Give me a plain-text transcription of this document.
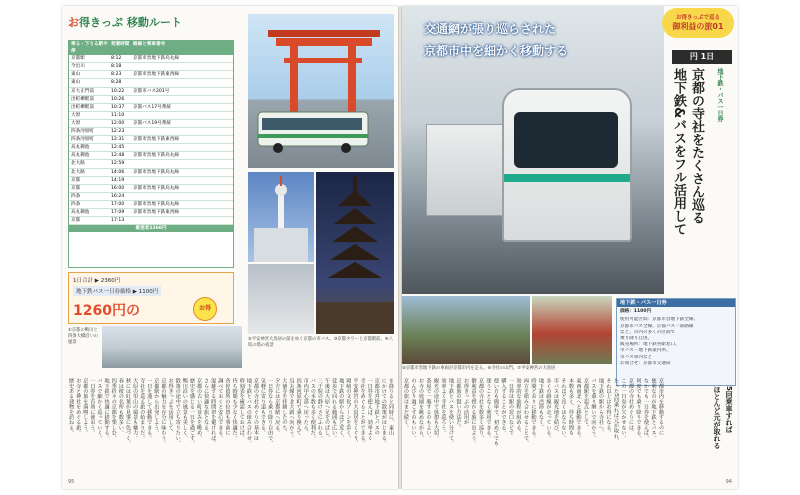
お得きっぷ 移動ルート
乗る・下りる駅や停
発着時間 路線と乗車番号
京都駅	8:12	京都市営地下鉄烏丸線
今出川	8:18
東山	8:23	京都市営地下鉄東西線
東山	8:28
京大正門前	10:22	京都市バス201号
出町柳駅前	10:26
出町柳駅前	10:37	京都バス17号系統
大原	11:10
大原	12:00	京都バス19号系統
四条河原町	12:23
四条河原町	12:31	京都市営地下鉄東西線
烏丸御池	12:45
烏丸御池	12:48	京都市営地下鉄烏丸線
北大路	12:59
北大路	14:06	京都市営地下鉄烏丸線
京都	14:19
京都	16:00	京都市営地下鉄烏丸線
四条	16:24
四条	17:00	京都市営地下鉄烏丸線
烏丸御池	17:09	京都市営地下鉄東西線
京都	17:13
最速者2360円
1日合計 ▶ 2360円
地下鉄バス一日券価格 ▶ 1100円
1260円の	お得
①京都の鴨川と四条大橋沿いの風景
②平安神宮大鳥居の前をゆく京都の市バス。③京都タワーと京都駅前。④八坂の塔の夜景
を降りると同時に、東山
にかけての散策がはじまる。
京都市営地下鉄とバスの
一日券を使えば、効率よく
寺社をめぐることができる。
平安神宮の大鳥居をくぐり、
岡崎の文化ゾーンを歩く。
地下鉄の駅からほど近く、
徒歩で回れる範囲も広い。
午後は大原へ足をのばし、
三千院の静けさにふれる。
バスの本数も多く便利だ。
市内中心部へ戻ったら、
四条河原町で乗り換えて
烏丸線で北大路へ向かう。
大徳寺を拝観したのち、
夕方には京都駅へ戻る。
一日券なら乗り降り自由で、
気軽に寄り道もできる。
京都の寺社めぐりの基本は
地下鉄とバスの組み合わせ。
時刻表を確認しておけば、
待ち時間も少なく快適だ。
各停留所の位置も事前に
調べておくと安心できる。
混雑する時間帯を避ければ、
さらに快適な旅となる。
京都の古い町並みを眺め、
歴史を感じる一日を過ごす。
鴨川沿いの風景も美しく、
散策の途中で立ち寄りたい。
お得きっぷを活用して、
京都の魅力を存分に味わう。
京都駅から出発しよう。
一日を通して移動できる。
寺社を巡る旅の始まりだ。
大原の里山の風景も魅力。
秋には紅葉が見事に色づく。
春は桜の名所も数多い。
四季折々の京都を楽しむ。
地下鉄で快適に移動する。
バスで細かく巡っていく。
一日券を有効に使おう。
京都の旅を満喫しよう。
お寺と神社をめぐる旅。
歴史ある建物を訪ねる。
95
交通網が張り巡らされた
京都市中を細かく移動する
お得きっぷで巡る
御利益の旅01
円 1日
地下鉄・バス一日券
地下鉄&バスをフル活用して 京都の寺社をたくさん巡る
⑤京都市営地下鉄の車両が京都市内を走る。⑥寺社の山門。⑦平安神宮の大鳥居
地下鉄・バス一日券
価格：1100円
使用可能区間：京都市営地下鉄全線、
京都市バス全線、京都バス一部路線
など。市内の多くの区間で
乗り降り自由。
販売場所：地下鉄各駅窓口、
市バス・地下鉄案内所、
市バス車内など
お問合せ：京都市交通局
京都市内を移動するのに
便利なのが地下鉄とバス。
なかでも一日券を使えば、
何度でも乗り降りできる。
京都の寺社めぐりには、
この一日券が欠かせない。
たった5回乗れば元が取れ、
それ以上はお得になる。
地下鉄の駅から寺社へ、
バスを乗り継いで向かう。
京都駅を起点として、
東西南北へと移動できる。
本数も多く、待ち時間も
それほど長くはならない。
市バスは観光地を結び、
多くの路線が走っている。
地下鉄は渋滞もなく、
時間どおりに移動できる。
両方を組み合わせることで、
効率的な旅程が組める。
一日券は駅の窓口などで
購入することができる。
使い方も簡単で、初めてでも
迷うことなく利用できる。
京都の寺社を数多く巡り、
御利益を授かる旅に出よう。
お得きっぷの活用が
京都旅の賢い方法だ。
地下鉄とバスを使い分けて、
効率よく寺社を巡ろう。
観光の途中で休憩も大切。
茶屋で一服するのもよい。
お寺の庭園を眺めながら、
のんびり過ごすのもいい。
京都の旅はまだ続く。	5回乗車すれば
ほとんど元が取れる
94
